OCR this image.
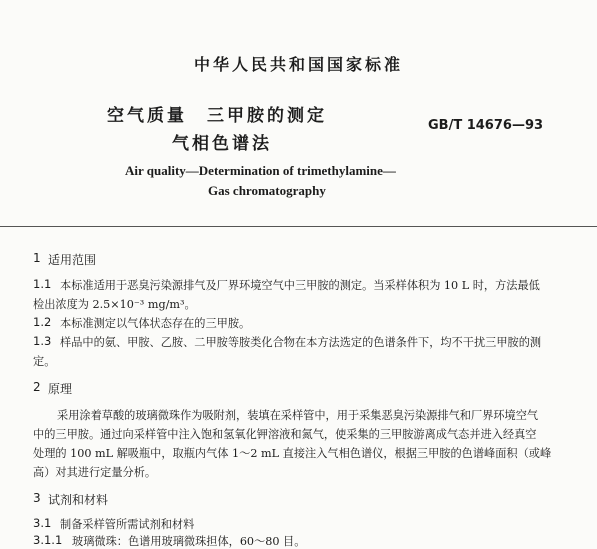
中华人民共和国国家标准
空气质量　三甲胺的测定
气相色谱法
GB/T 14676—93
Air quality—Determination of trimethylamine—
Gas chromatography
1 适用范围
1.1 本标准适用于恶臭污染源排气及厂界环境空气中三甲胺的测定。当采样体积为 10 L 时，方法最低
检出浓度为 2.5×10⁻³ mg/m³。
1.2 本标准测定以气体状态存在的三甲胺。
1.3 样品中的氨、甲胺、乙胺、二甲胺等胺类化合物在本方法选定的色谱条件下，均不干扰三甲胺的测
定。
2 原理
采用涂着草酸的玻璃微珠作为吸附剂，装填在采样管中，用于采集恶臭污染源排气和厂界环境空气
中的三甲胺。通过向采样管中注入饱和氢氧化钾溶液和氮气，使采集的三甲胺游离成气态并进入经真空
处理的 100 mL 解吸瓶中，取瓶内气体 1～2 mL 直接注入气相色谱仪，根据三甲胺的色谱峰面积（或峰
高）对其进行定量分析。
3 试剂和材料
3.1 制备采样管所需试剂和材料
3.1.1 玻璃微珠：色谱用玻璃微珠担体，60～80 目。
